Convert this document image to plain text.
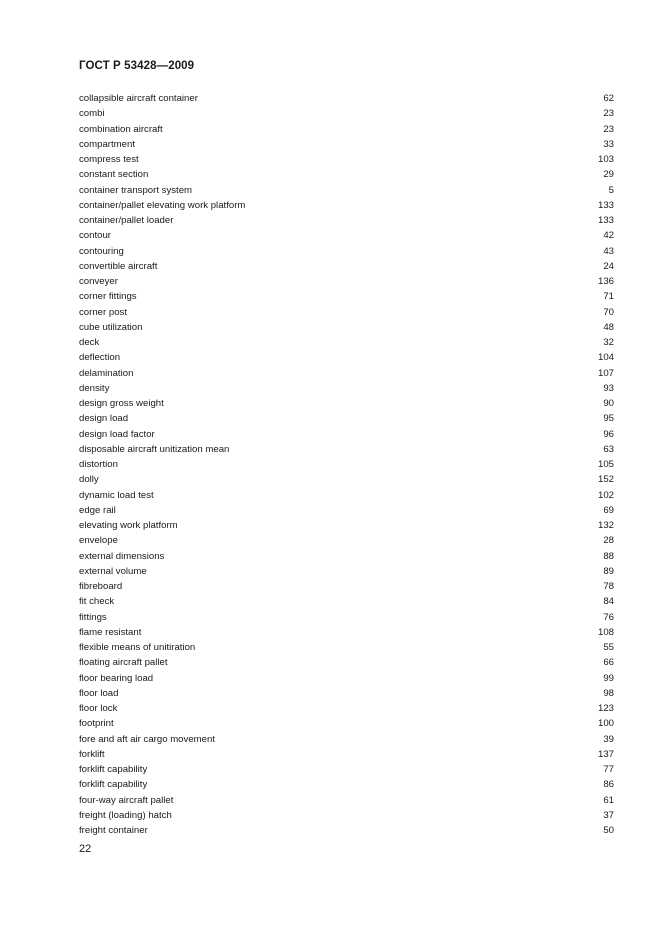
ГОСТ Р 53428—2009
collapsible aircraft container	62
combi	23
combination aircraft	23
compartment	33
compress test	103
constant section	29
container transport system	5
container/pallet elevating work platform	133
container/pallet loader	133
contour	42
contouring	43
convertible aircraft	24
conveyer	136
corner fittings	71
corner post	70
cube utilization	48
deck	32
deflection	104
delamination	107
density	93
design gross weight	90
design load	95
design load factor	96
disposable aircraft unitization mean	63
distortion	105
dolly	152
dynamic load test	102
edge rail	69
elevating work platform	132
envelope	28
external dimensions	88
external volume	89
fibreboard	78
fit check	84
fittings	76
flame resistant	108
flexible means of unitiration	55
floating aircraft pallet	66
floor bearing load	99
floor load	98
floor lock	123
footprint	100
fore and aft air cargo movement	39
forklift	137
forklift capability	77
forklift capability	86
four-way aircraft pallet	61
freight (loading) hatch	37
freight container	50
22
